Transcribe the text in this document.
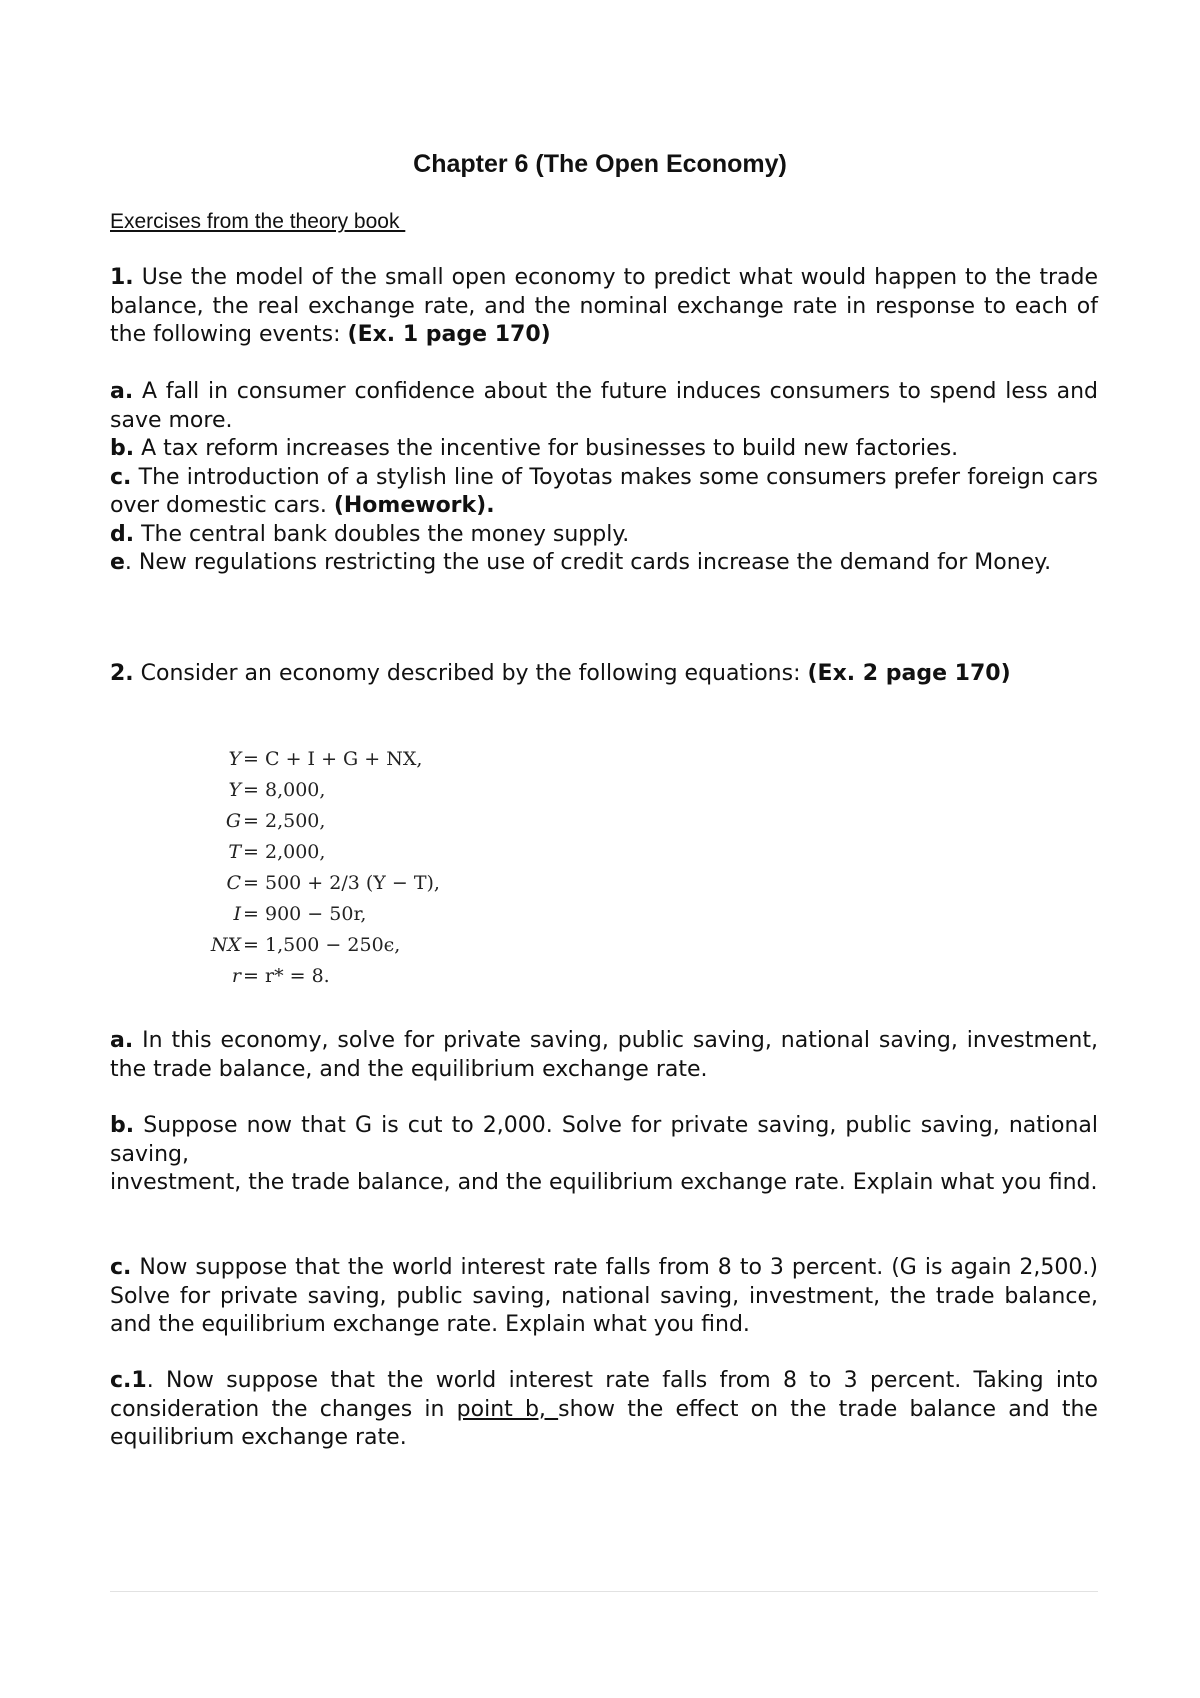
Chapter 6 (The Open Economy)
Exercises from the theory book

1. Use the model of the small open economy to predict what would happen to the trade balance, the real exchange rate, and the nominal exchange rate in response to each of the following events: (Ex. 1 page 170)

a. A fall in consumer confidence about the future induces consumers to spend less and save more.

b. A tax reform increases the incentive for businesses to build new factories.

c. The introduction of a stylish line of Toyotas makes some consumers prefer foreign cars over domestic cars. (Homework).

d. The central bank doubles the money supply.

e. New regulations restricting the use of credit cards increase the demand for Money.

2. Consider an economy described by the following equations: (Ex. 2 page 170)

Y = C + I + G + NX,
Y = 8,000,
G = 2,500,
T = 2,000,
C = 500 + 2/3 (Y − T),
I = 900 − 50r,
NX = 1,500 − 250ϵ,
r = r* = 8.

a. In this economy, solve for private saving, public saving, national saving, investment, the trade balance, and the equilibrium exchange rate.

b. Suppose now that G is cut to 2,000. Solve for private saving, public saving, national saving,

investment, the trade balance, and the equilibrium exchange rate. Explain what you find.

c. Now suppose that the world interest rate falls from 8 to 3 percent. (G is again 2,500.) Solve for private saving, public saving, national saving, investment, the trade balance, and the equilibrium exchange rate. Explain what you find.

c.1. Now suppose that the world interest rate falls from 8 to 3 percent. Taking into consideration the changes in point b, show the effect on the trade balance and the equilibrium exchange rate.
